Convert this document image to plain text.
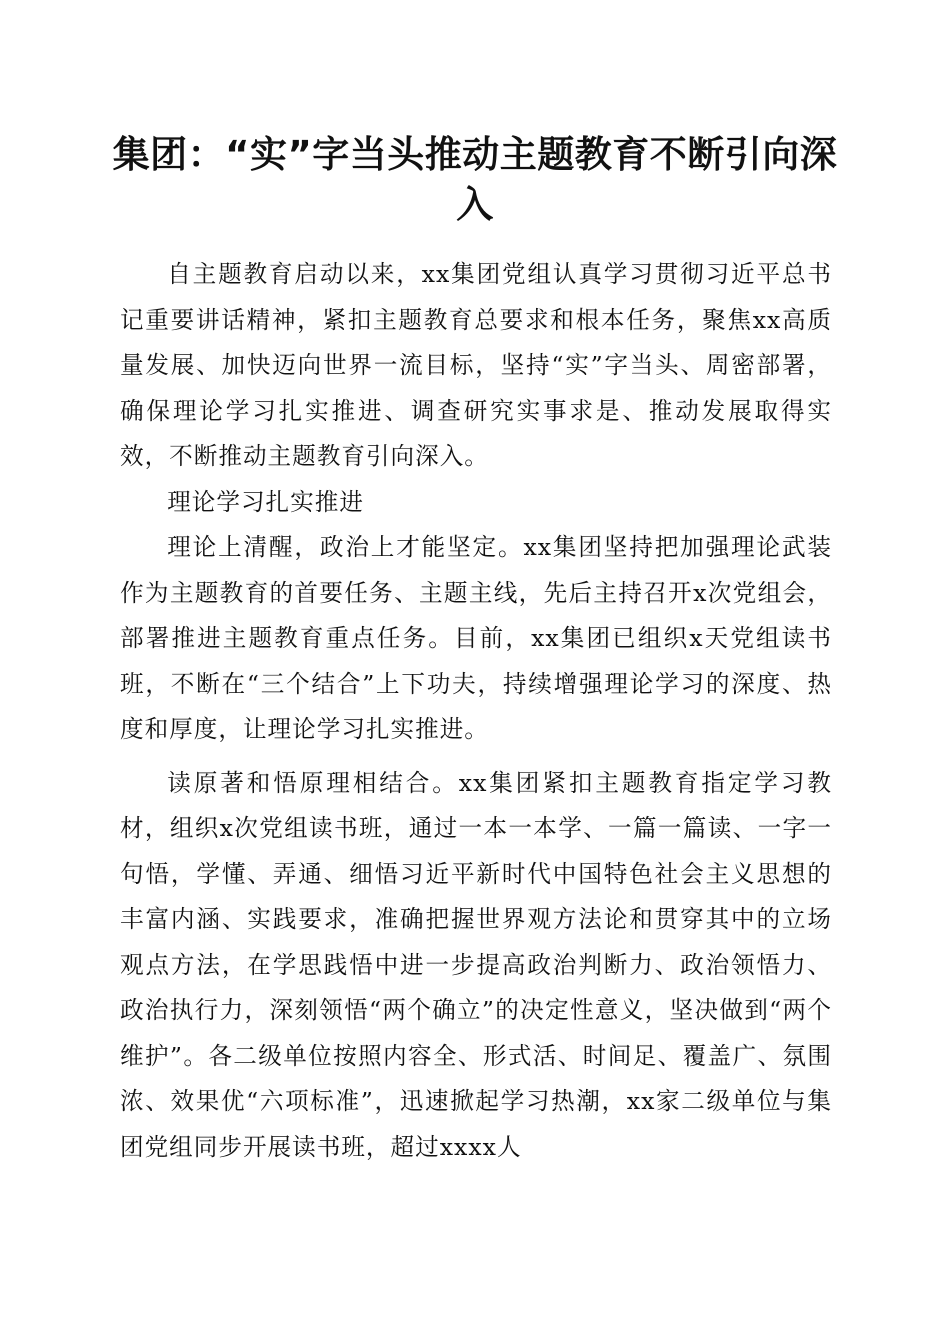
集团：“实”字当头推动主题教育不断引向深入

自主题教育启动以来，xx集团党组认真学习贯彻习近平总书记重要讲话精神，紧扣主题教育总要求和根本任务，聚焦xx高质量发展、加快迈向世界一流目标，坚持“实”字当头、周密部署，确保理论学习扎实推进、调查研究实事求是、推动发展取得实效，不断推动主题教育引向深入。

理论学习扎实推进

理论上清醒，政治上才能坚定。xx集团坚持把加强理论武装作为主题教育的首要任务、主题主线，先后主持召开x次党组会，部署推进主题教育重点任务。目前，xx集团已组织x天党组读书班，不断在“三个结合”上下功夫，持续增强理论学习的深度、热度和厚度，让理论学习扎实推进。

读原著和悟原理相结合。xx集团紧扣主题教育指定学习教材，组织x次党组读书班，通过一本一本学、一篇一篇读、一字一句悟，学懂、弄通、细悟习近平新时代中国特色社会主义思想的丰富内涵、实践要求，准确把握世界观方法论和贯穿其中的立场观点方法，在学思践悟中进一步提高政治判断力、政治领悟力、政治执行力，深刻领悟“两个确立”的决定性意义，坚决做到“两个维护”。各二级单位按照内容全、形式活、时间足、覆盖广、氛围浓、效果优“六项标准”，迅速掀起学习热潮，xx家二级单位与集团党组同步开展读书班，超过xxxx人
